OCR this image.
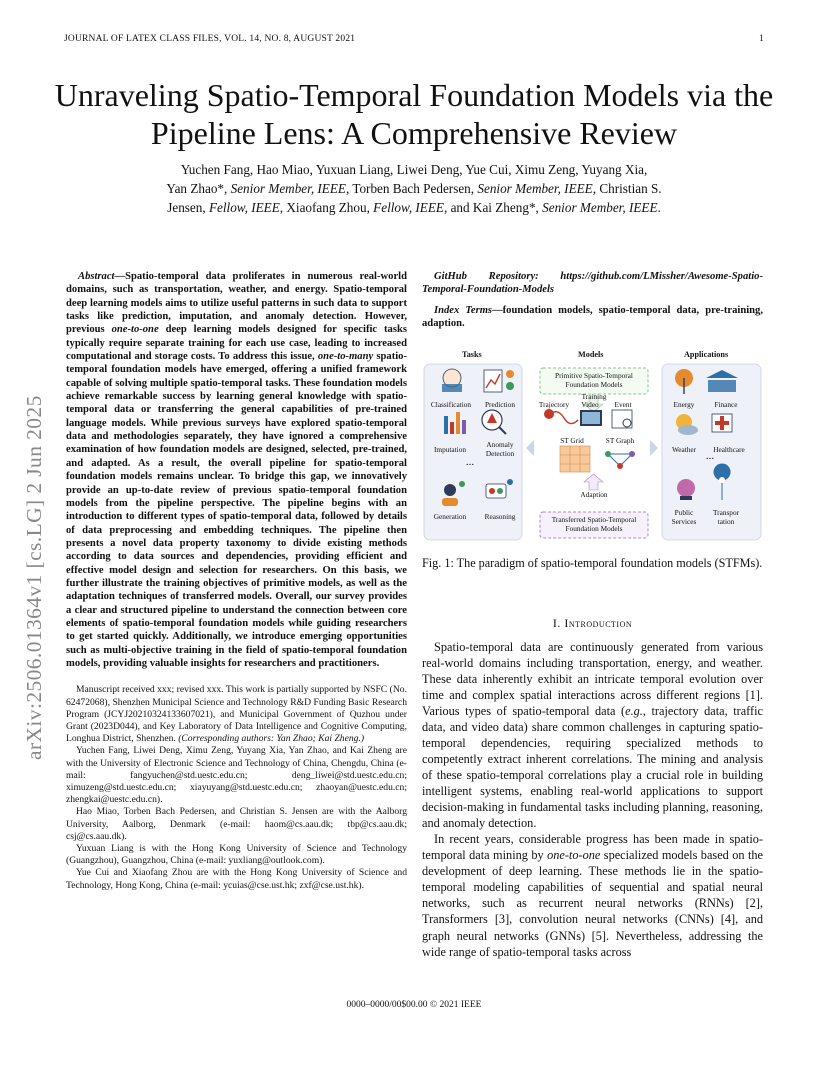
JOURNAL OF LATEX CLASS FILES, VOL. 14, NO. 8, AUGUST 2021	1
arXiv:2506.01364v1 [cs.LG] 2 Jun 2025
Unraveling Spatio-Temporal Foundation Models via the Pipeline Lens: A Comprehensive Review
Yuchen Fang, Hao Miao, Yuxuan Liang, Liwei Deng, Yue Cui, Ximu Zeng, Yuyang Xia,
Yan Zhao*, Senior Member, IEEE, Torben Bach Pedersen, Senior Member, IEEE, Christian S.
Jensen, Fellow, IEEE, Xiaofang Zhou, Fellow, IEEE, and Kai Zheng*, Senior Member, IEEE.
Abstract—Spatio-temporal data proliferates in numerous real-world domains, such as transportation, weather, and energy. Spatio-temporal deep learning models aims to utilize useful patterns in such data to support tasks like prediction, imputation, and anomaly detection. However, previous one-to-one deep learning models designed for specific tasks typically require separate training for each use case, leading to increased computational and storage costs. To address this issue, one-to-many spatio-temporal foundation models have emerged, offering a unified framework capable of solving multiple spatio-temporal tasks. These foundation models achieve remarkable success by learning general knowledge with spatio-temporal data or transferring the general capabilities of pre-trained language models. While previous surveys have explored spatio-temporal data and methodologies separately, they have ignored a comprehensive examination of how foundation models are designed, selected, pre-trained, and adapted. As a result, the overall pipeline for spatio-temporal foundation models remains unclear. To bridge this gap, we innovatively provide an up-to-date review of previous spatio-temporal foundation models from the pipeline perspective. The pipeline begins with an introduction to different types of spatio-temporal data, followed by details of data preprocessing and embedding techniques. The pipeline then presents a novel data property taxonomy to divide existing methods according to data sources and dependencies, providing efficient and effective model design and selection for researchers. On this basis, we further illustrate the training objectives of primitive models, as well as the adaptation techniques of transferred models. Overall, our survey provides a clear and structured pipeline to understand the connection between core elements of spatio-temporal foundation models while guiding researchers to get started quickly. Additionally, we introduce emerging opportunities such as multi-objective training in the field of spatio-temporal foundation models, providing valuable insights for researchers and practitioners.

Manuscript received xxx; revised xxx. This work is partially supported by NSFC (No. 62472068), Shenzhen Municipal Science and Technology R&D Funding Basic Research Program (JCYJ20210324133607021), and Municipal Government of Quzhou under Grant (2023D044), and Key Laboratory of Data Intelligence and Cognitive Computing, Longhua District, Shenzhen. (Corresponding authors: Yan Zhao; Kai Zheng.)

Yuchen Fang, Liwei Deng, Ximu Zeng, Yuyang Xia, Yan Zhao, and Kai Zheng are with the University of Electronic Science and Technology of China, Chengdu, China (e-mail: fangyuchen@std.uestc.edu.cn; deng_liwei@std.uestc.edu.cn; ximuzeng@std.uestc.edu.cn; xiayuyang@std.uestc.edu.cn; zhaoyan@uestc.edu.cn; zhengkai@uestc.edu.cn).

Hao Miao, Torben Bach Pedersen, and Christian S. Jensen are with the Aalborg University, Aalborg, Denmark (e-mail: haom@cs.aau.dk; tbp@cs.aau.dk; csj@cs.aau.dk).

Yuxuan Liang is with the Hong Kong University of Science and Technology (Guangzhou), Guangzhou, China (e-mail: yuxliang@outlook.com).

Yue Cui and Xiaofang Zhou are with the Hong Kong University of Science and Technology, Hong Kong, China (e-mail: ycuias@cse.ust.hk; zxf@cse.ust.hk).

GitHub Repository: https://github.com/LMissher/Awesome-Spatio-Temporal-Foundation-Models
Index Terms—foundation models, spatio-temporal data, pre-training, adaption.
Tasks	Models	Applications
Classification	Prediction
Imputation
Anomaly
Detection
...
Generation	Reasoning
Primitive Spatio-Temporal
Foundation Models
Training
Trajectory	Video	Event
ST Grid	ST Graph
Adaption
Transferred Spatio-Temporal
Foundation Models
Energy	Finance
Weather	Healthcare
...
Public
Services
Transpor
tation
Fig. 1: The paradigm of spatio-temporal foundation models (STFMs).
I. Introduction

Spatio-temporal data are continuously generated from various real-world domains including transportation, energy, and weather. These data inherently exhibit an intricate temporal evolution over time and complex spatial interactions across different regions [1]. Various types of spatio-temporal data (e.g., trajectory data, traffic data, and video data) share common challenges in capturing spatio-temporal dependencies, requiring specialized methods to competently extract inherent correlations. The mining and analysis of these spatio-temporal correlations play a crucial role in building intelligent systems, enabling real-world applications to support decision-making in fundamental tasks including planning, reasoning, and anomaly detection.

In recent years, considerable progress has been made in spatio-temporal data mining by one-to-one specialized models based on the development of deep learning. These methods lie in the spatio-temporal modeling capabilities of sequential and spatial neural networks, such as recurrent neural networks (RNNs) [2], Transformers [3], convolution neural networks (CNNs) [4], and graph neural networks (GNNs) [5]. Nevertheless, addressing the wide range of spatio-temporal tasks across

0000–0000/00$00.00 © 2021 IEEE
